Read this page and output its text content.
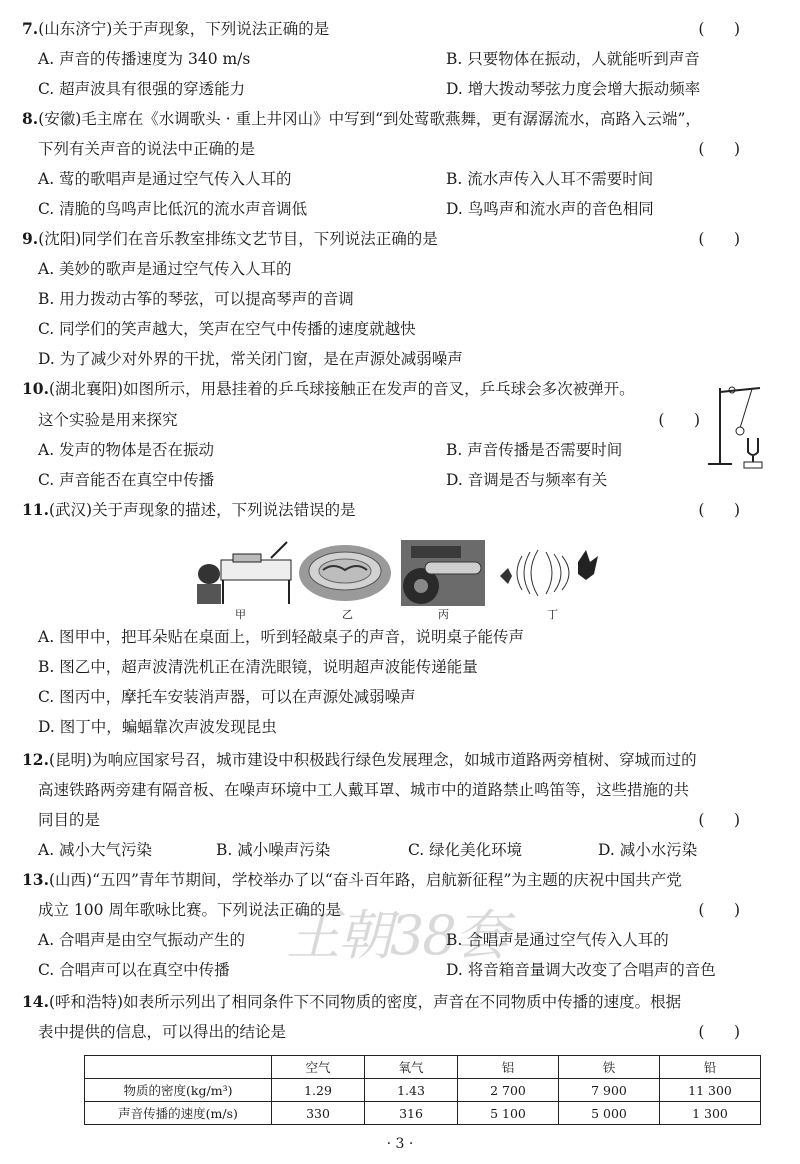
7.(山东济宁)关于声现象，下列说法正确的是	(      )
A. 声音的传播速度为 340 m/s	B. 只要物体在振动，人就能听到声音
C. 超声波具有很强的穿透能力	D. 增大拨动琴弦力度会增大振动频率
8.(安徽)毛主席在《水调歌头 · 重上井冈山》中写到“到处莺歌燕舞，更有潺潺流水，高路入云端”，
下列有关声音的说法中正确的是	(      )
A. 莺的歌唱声是通过空气传入人耳的	B. 流水声传入人耳不需要时间
C. 清脆的鸟鸣声比低沉的流水声音调低	D. 鸟鸣声和流水声的音色相同
9.(沈阳)同学们在音乐教室排练文艺节目，下列说法正确的是	(      )
A. 美妙的歌声是通过空气传入人耳的
B. 用力拨动古筝的琴弦，可以提高琴声的音调
C. 同学们的笑声越大，笑声在空气中传播的速度就越快
D. 为了减少对外界的干扰，常关闭门窗，是在声源处减弱噪声
10.(湖北襄阳)如图所示，用悬挂着的乒乓球接触正在发声的音叉，乒乓球会多次被弹开。
这个实验是用来探究	(      )
A. 发声的物体是否在振动	B. 声音传播是否需要时间
C. 声音能否在真空中传播	D. 音调是否与频率有关
11.(武汉)关于声现象的描述，下列说法错误的是	(      )
甲	乙	丙	丁
A. 图甲中，把耳朵贴在桌面上，听到轻敲桌子的声音，说明桌子能传声
B. 图乙中，超声波清洗机正在清洗眼镜，说明超声波能传递能量
C. 图丙中，摩托车安装消声器，可以在声源处减弱噪声
D. 图丁中，蝙蝠靠次声波发现昆虫
12.(昆明)为响应国家号召，城市建设中积极践行绿色发展理念，如城市道路两旁植树、穿城而过的
高速铁路两旁建有隔音板、在噪声环境中工人戴耳罩、城市中的道路禁止鸣笛等，这些措施的共
同目的是	(      )
A. 减小大气污染	B. 减小噪声污染	C. 绿化美化环境	D. 减小水污染
13.(山西)“五四”青年节期间，学校举办了以“奋斗百年路，启航新征程”为主题的庆祝中国共产党
王朝38套
成立 100 周年歌咏比赛。下列说法正确的是	(      )
A. 合唱声是由空气振动产生的	B. 合唱声是通过空气传入人耳的
C. 合唱声可以在真空中传播	D. 将音箱音量调大改变了合唱声的音色
14.(呼和浩特)如表所示列出了相同条件下不同物质的密度，声音在不同物质中传播的速度。根据
表中提供的信息，可以得出的结论是	(      )
	空气	氧气	铝	铁	铅
物质的密度(kg/m³)	1.29	1.43	2 700	7 900	11 300
声音传播的速度(m/s)	330	316	5 100	5 000	1 300
· 3 ·
